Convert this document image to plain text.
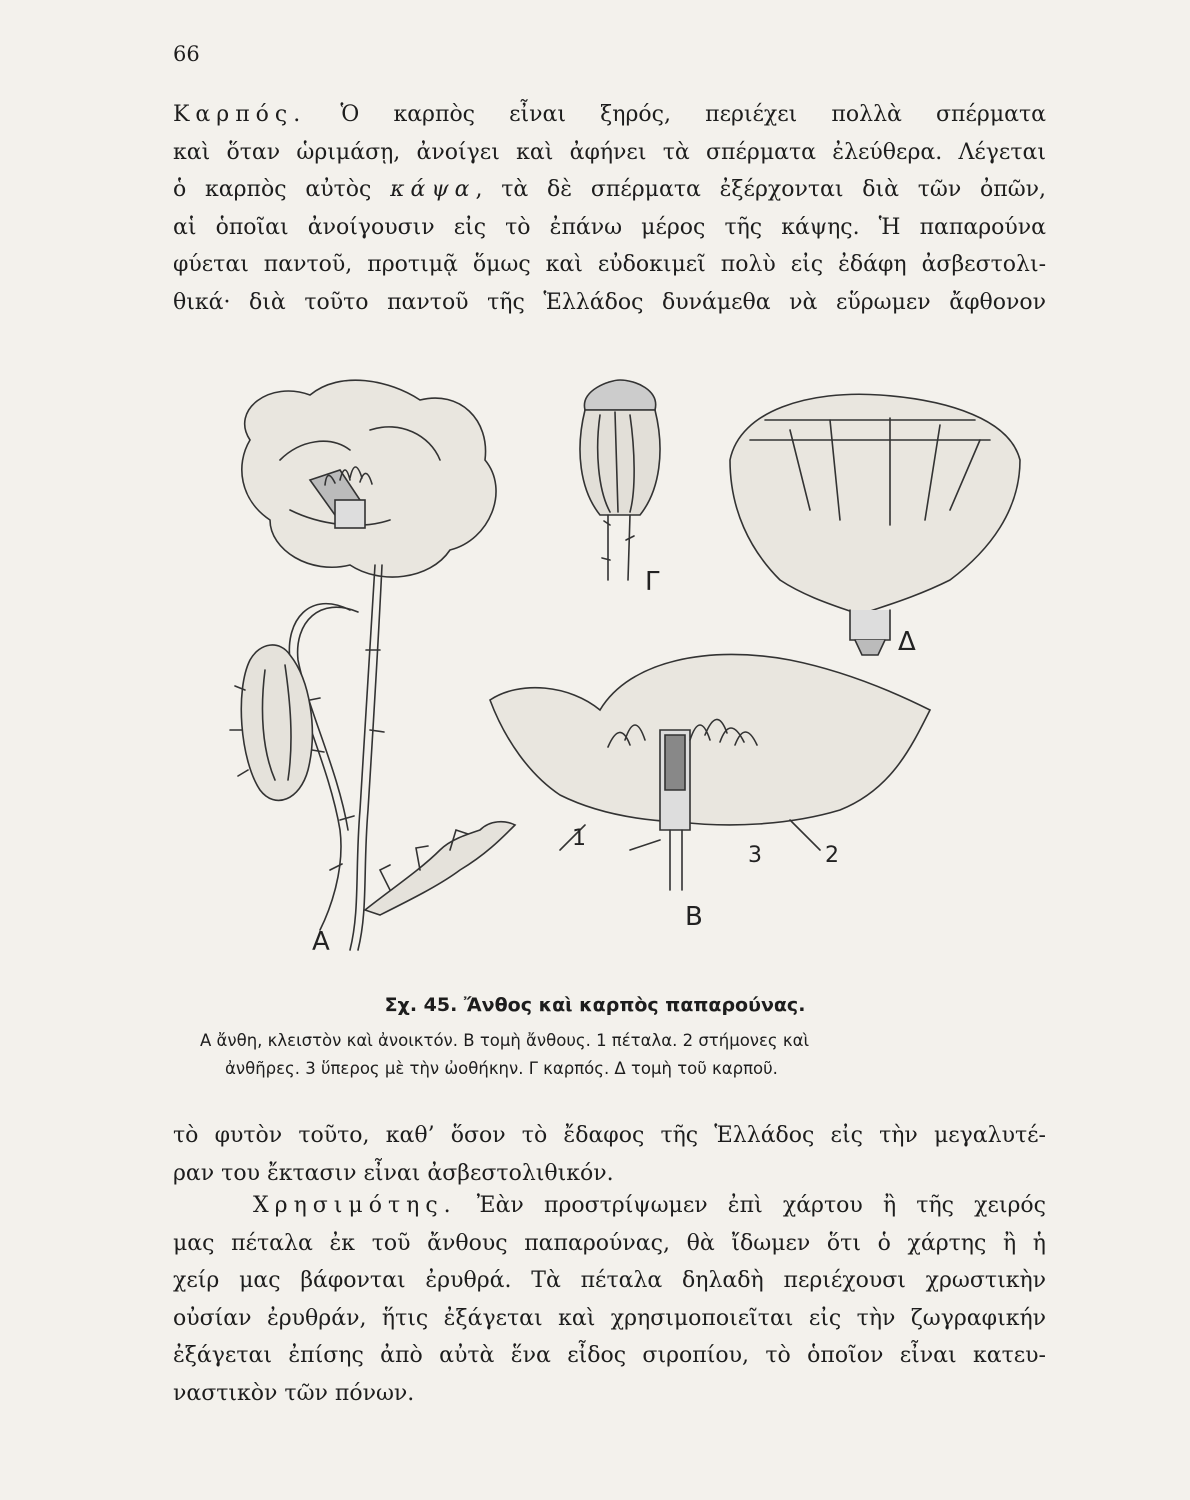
66
Καρπός. Ὁ καρπὸς εἶναι ξηρός, περιέχει πολλὰ σπέρματα
καὶ ὅταν ὡριμάσῃ, ἀνοίγει καὶ ἀφήνει τὰ σπέρματα ἐλεύθερα. Λέγεται
ὁ καρπὸς αὐτὸς κάψα, τὰ δὲ σπέρματα ἐξέρχονται διὰ τῶν ὀπῶν,
αἱ ὁποῖαι ἀνοίγουσιν εἰς τὸ ἐπάνω μέρος τῆς κάψης. Ἡ παπαρούνα
φύεται παντοῦ, προτιμᾷ ὅμως καὶ εὐδοκιμεῖ πολὺ εἰς ἐδάφη ἀσβεστολι-
θικά· διὰ τοῦτο παντοῦ τῆς Ἑλλάδος δυνάμεθα νὰ εὕρωμεν ἄφθονον
Α
Β
Γ
Δ
1
2
3
Σχ. 45. Ἄνθος καὶ καρπὸς παπαρούνας.
Α ἄνθη, κλειστὸν καὶ ἀνοικτόν. Β τομὴ ἄνθους. 1 πέταλα. 2 στήμονες καὶ
ἀνθῆρες. 3 ὕπερος μὲ τὴν ὠοθήκην. Γ καρπός. Δ τομὴ τοῦ καρποῦ.
τὸ φυτὸν τοῦτο, καθ’ ὅσον τὸ ἔδαφος τῆς Ἑλλάδος εἰς τὴν μεγαλυτέ-
ραν του ἔκτασιν εἶναι ἀσβεστολιθικόν.
Χρησιμότης. Ἐὰν προστρίψωμεν ἐπὶ χάρτου ἢ τῆς χειρός
μας πέταλα ἐκ τοῦ ἄνθους παπαρούνας, θὰ ἴδωμεν ὅτι ὁ χάρτης ἢ ἡ
χείρ μας βάφονται ἐρυθρά. Τὰ πέταλα δηλαδὴ περιέχουσι χρωστικὴν
οὐσίαν ἐρυθράν, ἥτις ἐξάγεται καὶ χρησιμοποιεῖται εἰς τὴν ζωγραφικήν
ἐξάγεται ἐπίσης ἀπὸ αὐτὰ ἕνα εἶδος σιροπίου, τὸ ὁποῖον εἶναι κατευ-
ναστικὸν τῶν πόνων.
